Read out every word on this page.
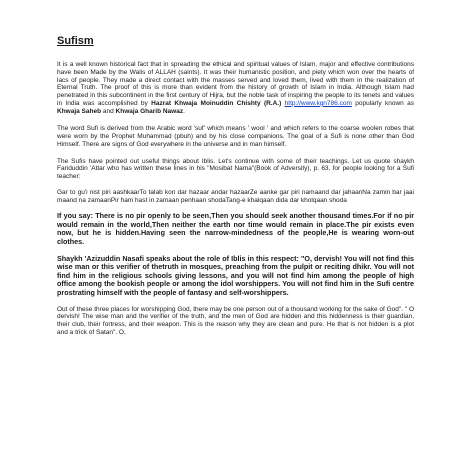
Sufism

It is a well known historical fact that in spreading the ethical and spiritual values of Islam, major and effective contributions have been Made by the Walis of ALLAH (saints). It was their humanistic position, and piety which won over the hearts of lacs of people. They made a direct contact with the masses served and loved them, lived with them in the realization of Eternal Truth. The proof of this is more than evident from the history of growth of Islam in India. Although Islam had penetrated in this subcontinent in the first century of Hijra, but the noble task of inspiring the people to its tenets and values in India was accomplished by Hazrat Khwaja Moinuddin Chishty (R.A.) http://www.kgn786.com popularly known as Khwaja Saheb and Khwaja Gharib Nawaz.

The word Sufi is derived from the Arabic word 'suf' which means ' wool ' and which refers to the coarse woolen robes that were worn by the Prophet Muhammad (pbuh) and by his close companions. The goal of a Sufi is none other than God Himself. There are signs of God everywhere in the universe and in man himself.

The Sufis have pointed out useful things about Iblis. Let's continue with some of their teachings. Let us quote shaykh Fariduddin 'Attar who has written these lines in his "Mosibat Nama"(Book of Adversity), p. 63, for people looking for a Sufi teacher:

Gar to gu'i nist piri aashkaarTo talab kon dar hazaar andar hazaarZe aanke gar piri namaand dar jahaanNa zamin bar jaai maand na zamaanPir ham hast in zamaan penhaan shodaTang-e khalqaan dida dar kholqaan shoda

If you say: There is no pir openly to be seen,Then you should seek another thousand times.For if no pir would remain in the world,Then neither the earth nor time would remain in place.The pir exists even now, but he is hidden.Having seen the narrow-mindedness of the people,He is wearing worn-out clothes.

Shaykh 'Azizuddin Nasafi speaks about the role of Iblis in this respect: "O, dervish! You will not find this wise man or this verifier of thetruth in mosques, preaching from the pulpit or reciting dhikr. You will not find him in the religious schools giving lessons, and you will not find him among the people of high office among the bookish people or among the idol worshippers. You will not find him in the Sufi centre prostrating himself with the people of fantasy and self-worshippers.

Out of these three places for worshipping God, there may be one person out of a thousand working for the sake of God". " O dervish! The wise man and the verifier of the truth, and the men of God are hidden and this hiddenness is their guardian, their club, their fortress, and their weapon. This is the reason why they are clean and pure. He that is not hidden is a plot and a trick of Satan". O,
